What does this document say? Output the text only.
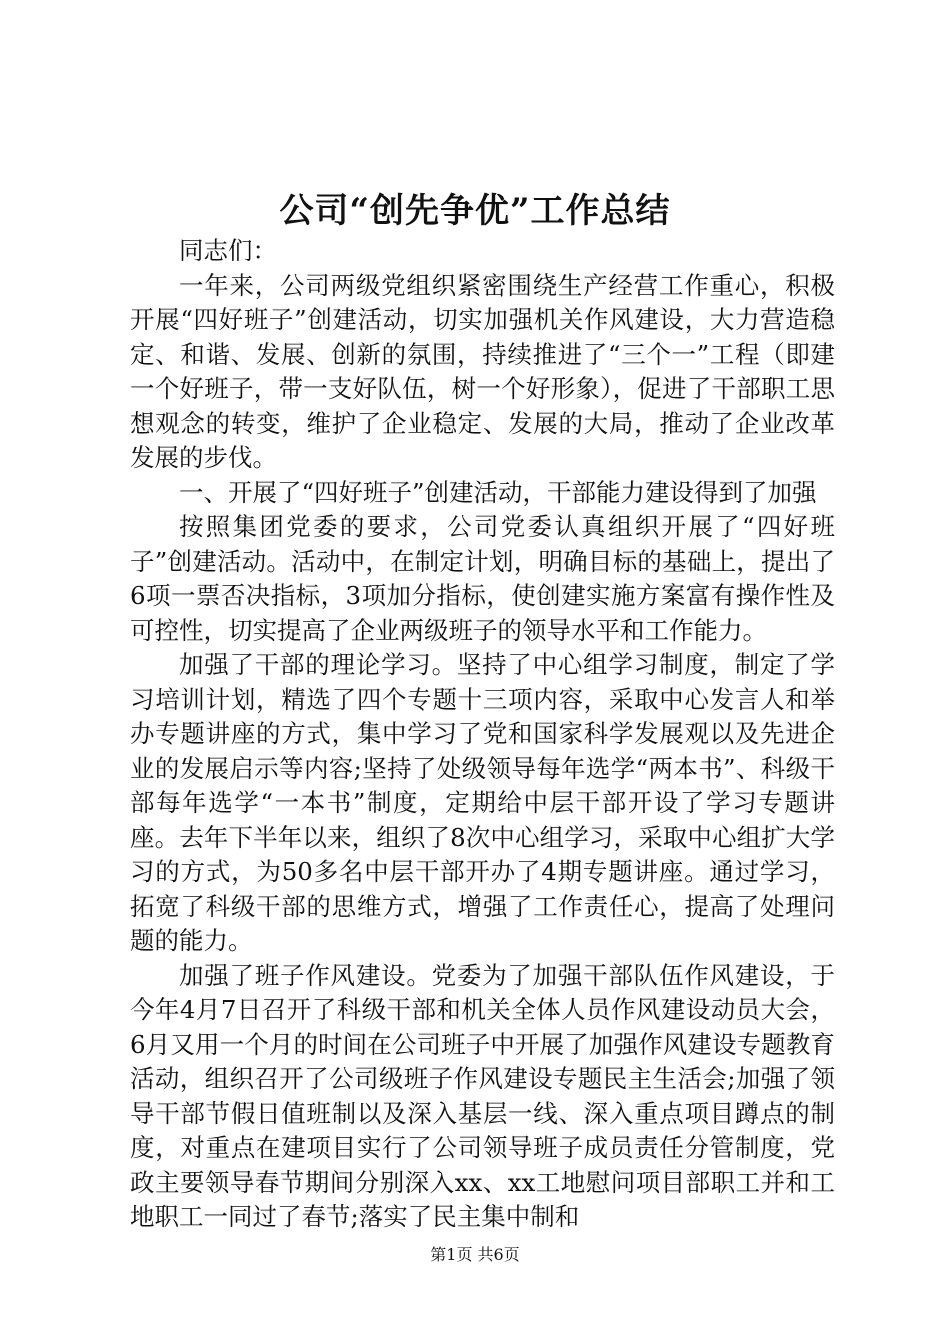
公司“创先争优”工作总结

同志们：

一年来，公司两级党组织紧密围绕生产经营工作重心，积极开展“四好班子”创建活动，切实加强机关作风建设，大力营造稳定、和谐、发展、创新的氛围，持续推进了“三个一”工程（即建一个好班子，带一支好队伍，树一个好形象），促进了干部职工思想观念的转变，维护了企业稳定、发展的大局，推动了企业改革发展的步伐。

一、开展了“四好班子”创建活动，干部能力建设得到了加强

按照集团党委的要求，公司党委认真组织开展了“四好班子”创建活动。活动中，在制定计划，明确目标的基础上，提出了6项一票否决指标，3项加分指标，使创建实施方案富有操作性及可控性，切实提高了企业两级班子的领导水平和工作能力。

加强了干部的理论学习。坚持了中心组学习制度，制定了学习培训计划，精选了四个专题十三项内容，采取中心发言人和举办专题讲座的方式，集中学习了党和国家科学发展观以及先进企业的发展启示等内容;坚持了处级领导每年选学“两本书”、科级干部每年选学“一本书”制度，定期给中层干部开设了学习专题讲座。去年下半年以来，组织了8次中心组学习，采取中心组扩大学习的方式，为50多名中层干部开办了4期专题讲座。通过学习，拓宽了科级干部的思维方式，增强了工作责任心，提高了处理问题的能力。

加强了班子作风建设。党委为了加强干部队伍作风建设，于今年4月7日召开了科级干部和机关全体人员作风建设动员大会，6月又用一个月的时间在公司班子中开展了加强作风建设专题教育活动，组织召开了公司级班子作风建设专题民主生活会;加强了领导干部节假日值班制以及深入基层一线、深入重点项目蹲点的制度，对重点在建项目实行了公司领导班子成员责任分管制度，党政主要领导春节期间分别深入xx、xx工地慰问项目部职工并和工地职工一同过了春节;落实了民主集中制和

第1页 共6页
